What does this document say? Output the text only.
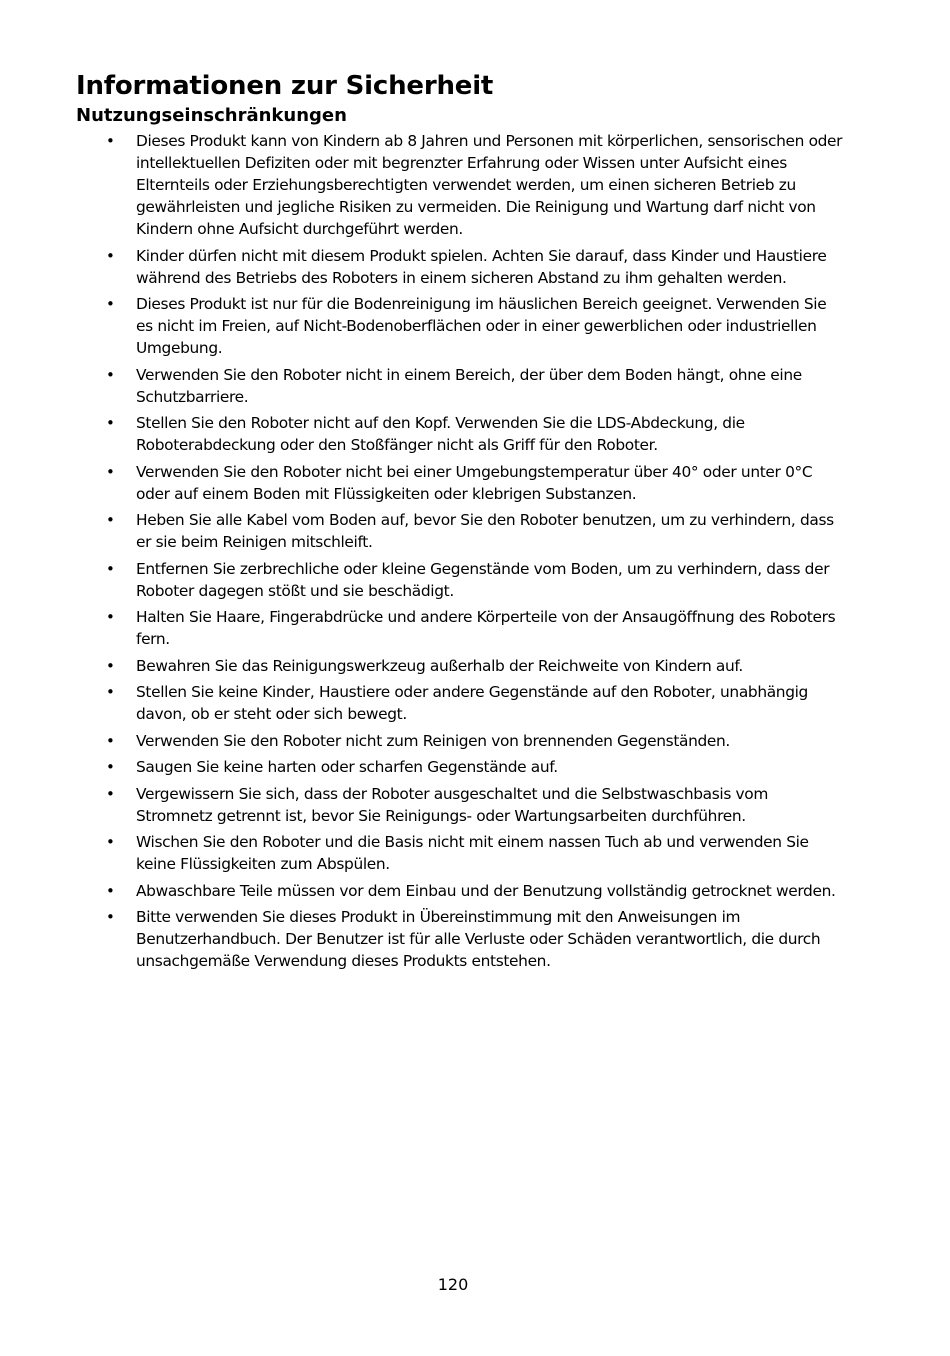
Informationen zur Sicherheit
Nutzungseinschränkungen
• Dieses Produkt kann von Kindern ab 8 Jahren und Personen mit körperlichen, sensorischen oder intellektuellen Defiziten oder mit begrenzter Erfahrung oder Wissen unter Aufsicht eines Elternteils oder Erziehungsberechtigten verwendet werden, um einen sicheren Betrieb zu gewährleisten und jegliche Risiken zu vermeiden. Die Reinigung und Wartung darf nicht von Kindern ohne Aufsicht durchgeführt werden.
• Kinder dürfen nicht mit diesem Produkt spielen. Achten Sie darauf, dass Kinder und Haustiere während des Betriebs des Roboters in einem sicheren Abstand zu ihm gehalten werden.
• Dieses Produkt ist nur für die Bodenreinigung im häuslichen Bereich geeignet. Verwenden Sie es nicht im Freien, auf Nicht-Bodenoberflächen oder in einer gewerblichen oder industriellen Umgebung.
• Verwenden Sie den Roboter nicht in einem Bereich, der über dem Boden hängt, ohne eine Schutzbarriere.
• Stellen Sie den Roboter nicht auf den Kopf. Verwenden Sie die LDS-Abdeckung, die Roboterabdeckung oder den Stoßfänger nicht als Griff für den Roboter.
• Verwenden Sie den Roboter nicht bei einer Umgebungstemperatur über 40° oder unter 0°C oder auf einem Boden mit Flüssigkeiten oder klebrigen Substanzen.
• Heben Sie alle Kabel vom Boden auf, bevor Sie den Roboter benutzen, um zu verhindern, dass er sie beim Reinigen mitschleift.
• Entfernen Sie zerbrechliche oder kleine Gegenstände vom Boden, um zu verhindern, dass der Roboter dagegen stößt und sie beschädigt.
• Halten Sie Haare, Fingerabdrücke und andere Körperteile von der Ansaugöffnung des Roboters fern.
• Bewahren Sie das Reinigungswerkzeug außerhalb der Reichweite von Kindern auf.
• Stellen Sie keine Kinder, Haustiere oder andere Gegenstände auf den Roboter, unabhängig davon, ob er steht oder sich bewegt.
• Verwenden Sie den Roboter nicht zum Reinigen von brennenden Gegenständen.
• Saugen Sie keine harten oder scharfen Gegenstände auf.
• Vergewissern Sie sich, dass der Roboter ausgeschaltet und die Selbstwaschbasis vom Stromnetz getrennt ist, bevor Sie Reinigungs- oder Wartungsarbeiten durchführen.
• Wischen Sie den Roboter und die Basis nicht mit einem nassen Tuch ab und verwenden Sie keine Flüssigkeiten zum Abspülen.
• Abwaschbare Teile müssen vor dem Einbau und der Benutzung vollständig getrocknet werden.
• Bitte verwenden Sie dieses Produkt in Übereinstimmung mit den Anweisungen im Benutzerhandbuch. Der Benutzer ist für alle Verluste oder Schäden verantwortlich, die durch unsachgemäße Verwendung dieses Produkts entstehen.
120
